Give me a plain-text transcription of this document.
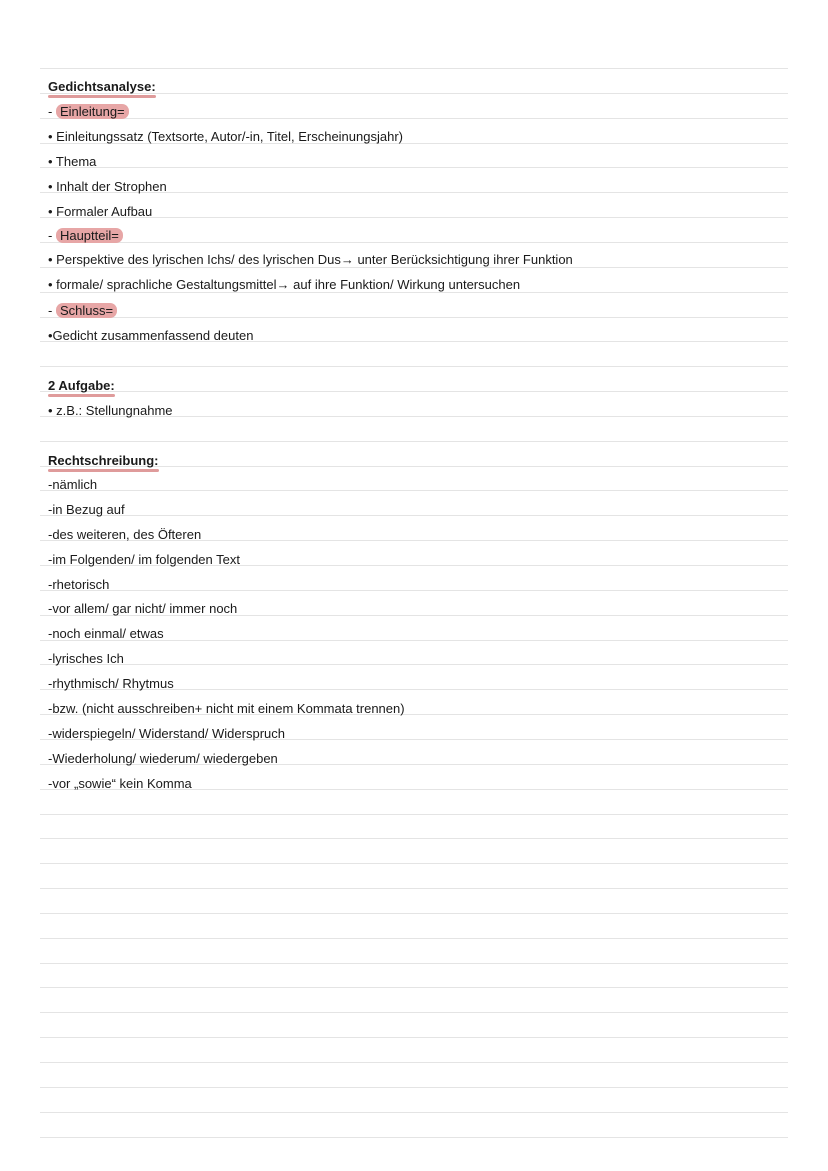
Gedichtsanalyse:
- Einleitung=
• Einleitungssatz (Textsorte, Autor/-in, Titel, Erscheinungsjahr)
• Thema
• Inhalt der Strophen
• Formaler Aufbau
- Hauptteil=
• Perspektive des lyrischen Ichs/ des lyrischen Dus→ unter Berücksichtigung ihrer Funktion
• formale/ sprachliche Gestaltungsmittel→ auf ihre Funktion/ Wirkung untersuchen
- Schluss=
•Gedicht zusammenfassend deuten
2 Aufgabe:
• z.B.: Stellungnahme
Rechtschreibung:
-nämlich
-in Bezug auf
-des weiteren, des Öfteren
-im Folgenden/ im folgenden Text
-rhetorisch
-vor allem/ gar nicht/ immer noch
-noch einmal/ etwas
-lyrisches Ich
-rhythmisch/ Rhytmus
-bzw. (nicht ausschreiben+ nicht mit einem Kommata trennen)
-widerspiegeln/ Widerstand/ Widerspruch
-Wiederholung/ wiederum/ wiedergeben
-vor „sowie“ kein Komma
